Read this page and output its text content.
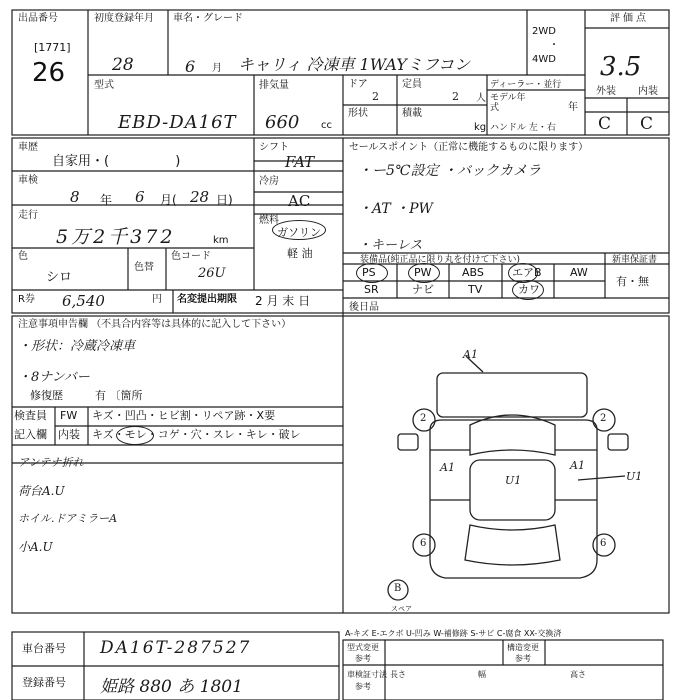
出品番号
[1771]
26
初度登録年月
28	6 月
車名・グレード
キャリィ 冷凍車 1WAYミフコン
2WD
・
4WD
評価点
3.5
外装 内装
C C
型式
EBD-DA16T
排気量
660 cc
ドア
2
定員
2 人
ディーラー・並行
モデル年式	年
形状	積載
kg ハンドル 左・右
車歴
自家用・(                )
シフト
FAT
車検
8 年 6 月( 28 日)
冷房
AC
走行
5万2千372	km
燃料
ガソリン
軽 油
色
シロ
色替
色コード
26U
R券 6,540	円 名変提出期限 2 月 末 日
セールスポイント（正常に機能するものに限ります）
・ー5℃設定 ・バックカメラ
・AT ・PW
・キーレス
装備品(純正品に限り丸を付けて下さい)	新車保証書
有・無
PS	PW	ABS	エアB	AW
SR	ナビ	TV	カワ
後日品
注意事項申告欄 （不具合内容等は具体的に記入して下さい）
・形状：冷蔵冷凍車
・8ナンバー
修復歴	有 〔箇所
検査員
記入欄
FW キズ・凹凸・ヒビ割・リペア跡・X要
内装 キズ・モレ・コゲ・穴・スレ・キレ・破レ
アンテナ折れ
荷台A.U
ホイル.ドアミラーA
小A.U
A1
A1	A1
U1	U1
2	2
6	6
B
スペア
A-キズ E-エクボ U-凹み W-補修跡 S-サビ C-腐食 XX-交換済
車台番号 DA16T-287527
登録番号 姫路 880 あ 1801
型式変更
参考
構造変更
参考
車検証寸法
参考
長さ	幅	高さ
